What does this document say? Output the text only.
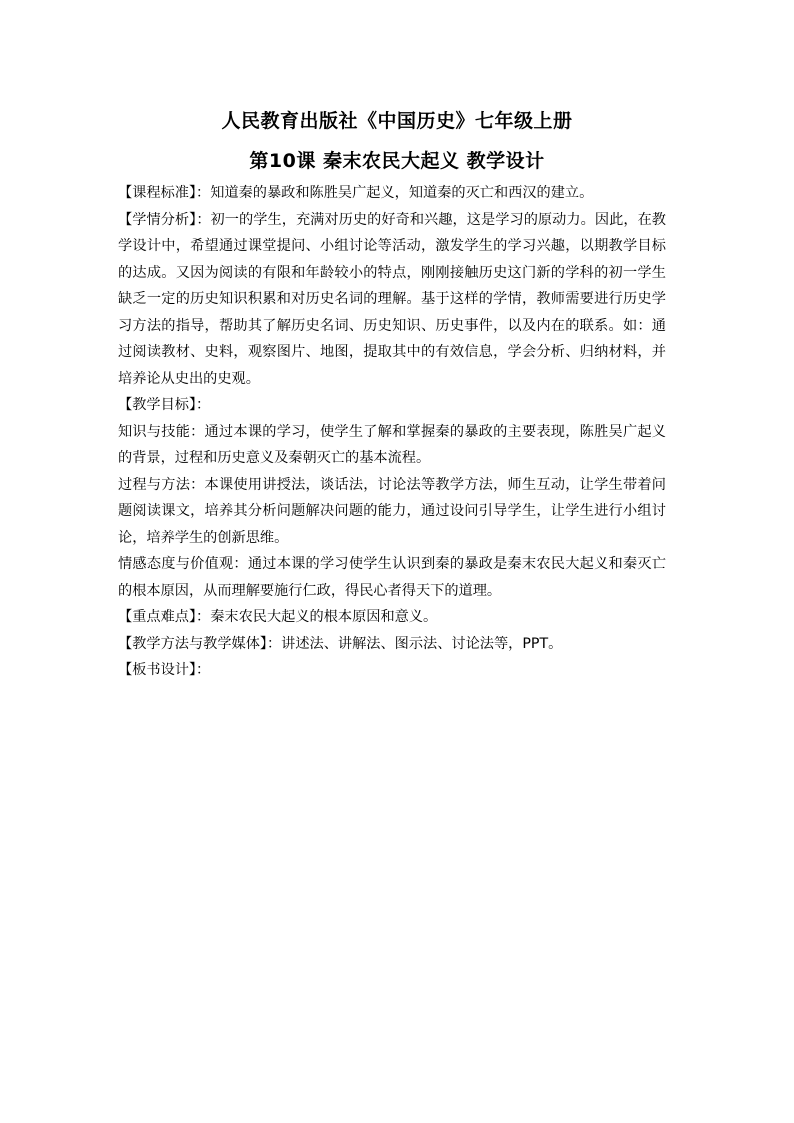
人民教育出版社《中国历史》七年级上册
第10课 秦末农民大起义 教学设计

【课程标准】：知道秦的暴政和陈胜吴广起义，知道秦的灭亡和西汉的建立。

【学情分析】：初一的学生，充满对历史的好奇和兴趣，这是学习的原动力。因此，在教学设计中，希望通过课堂提问、小组讨论等活动，激发学生的学习兴趣，以期教学目标的达成。又因为阅读的有限和年龄较小的特点，刚刚接触历史这门新的学科的初一学生缺乏一定的历史知识积累和对历史名词的理解。基于这样的学情，教师需要进行历史学习方法的指导，帮助其了解历史名词、历史知识、历史事件，以及内在的联系。如：通过阅读教材、史料，观察图片、地图，提取其中的有效信息，学会分析、归纳材料，并培养论从史出的史观。

【教学目标】：

知识与技能：通过本课的学习，使学生了解和掌握秦的暴政的主要表现，陈胜吴广起义的背景，过程和历史意义及秦朝灭亡的基本流程。

过程与方法：本课使用讲授法，谈话法，讨论法等教学方法，师生互动，让学生带着问题阅读课文，培养其分析问题解决问题的能力，通过设问引导学生，让学生进行小组讨论，培养学生的创新思维。

情感态度与价值观：通过本课的学习使学生认识到秦的暴政是秦末农民大起义和秦灭亡的根本原因，从而理解要施行仁政，得民心者得天下的道理。

【重点难点】：秦末农民大起义的根本原因和意义。

【教学方法与教学媒体】：讲述法、讲解法、图示法、讨论法等，PPT。

【板书设计】：
